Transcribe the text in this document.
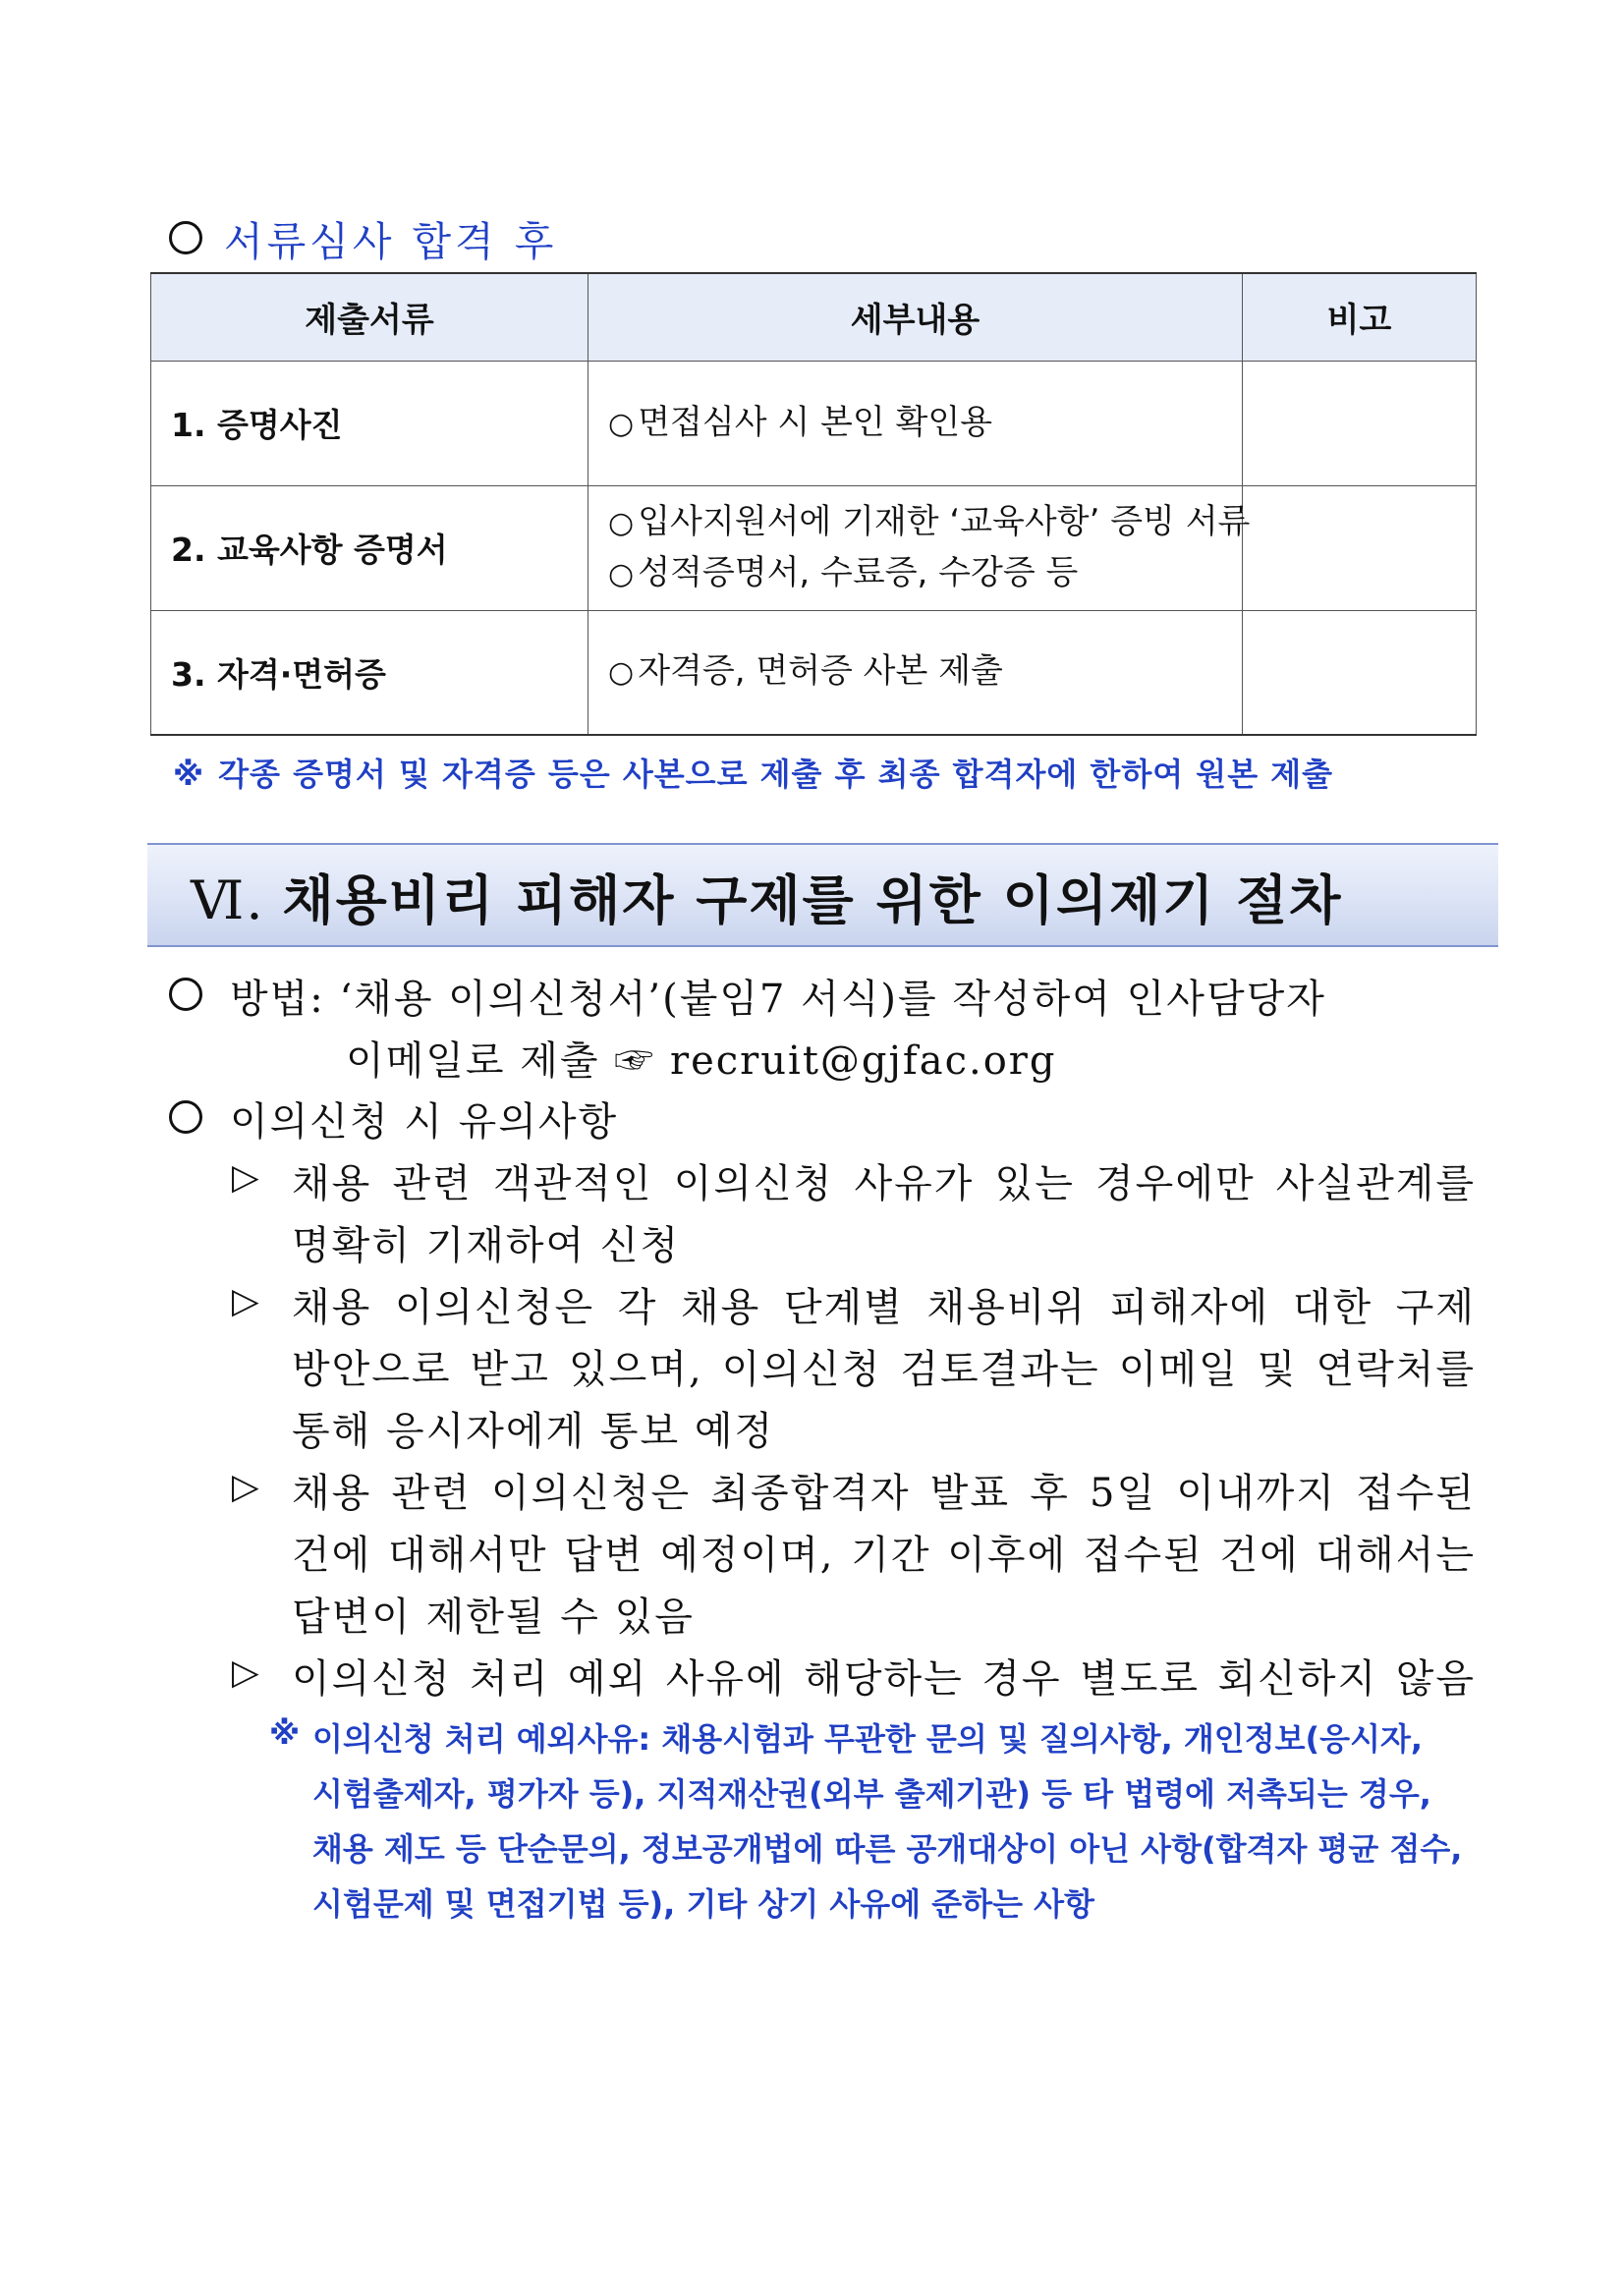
서류심사 합격 후
제출서류	세부내용	비고
1. 증명사진	○ 면접심사 시 본인 확인용	

2. 교육사항 증명서	○ 입사지원서에 기재한 ‘교육사항’ 증빙 서류
○ 성적증명서, 수료증, 수강증 등	

3. 자격·면허증	○ 자격증, 면허증 사본 제출	

※ 각종 증명서 및 자격증 등은 사본으로 제출 후 최종 합격자에 한하여 원본 제출
Ⅵ. 채용비리 피해자 구제를 위한 이의제기 절차
방법: ‘채용 이의신청서’(붙임7 서식)를 작성하여 인사담당자
이메일로 제출 ☞ recruit@gjfac.org
이의신청 시 유의사항
▷ 채용 관련 객관적인 이의신청 사유가 있는 경우에만 사실관계를
명확히 기재하여 신청
▷ 채용 이의신청은 각 채용 단계별 채용비위 피해자에 대한 구제
방안으로 받고 있으며, 이의신청 검토결과는 이메일 및 연락처를
통해 응시자에게 통보 예정
▷ 채용 관련 이의신청은 최종합격자 발표 후 5일 이내까지 접수된
건에 대해서만 답변 예정이며, 기간 이후에 접수된 건에 대해서는
답변이 제한될 수 있음
▷ 이의신청 처리 예외 사유에 해당하는 경우 별도로 회신하지 않음
※ 이의신청 처리 예외사유: 채용시험과 무관한 문의 및 질의사항, 개인정보(응시자,
시험출제자, 평가자 등), 지적재산권(외부 출제기관) 등 타 법령에 저촉되는 경우,
채용 제도 등 단순문의, 정보공개법에 따른 공개대상이 아닌 사항(합격자 평균 점수,
시험문제 및 면접기법 등), 기타 상기 사유에 준하는 사항
